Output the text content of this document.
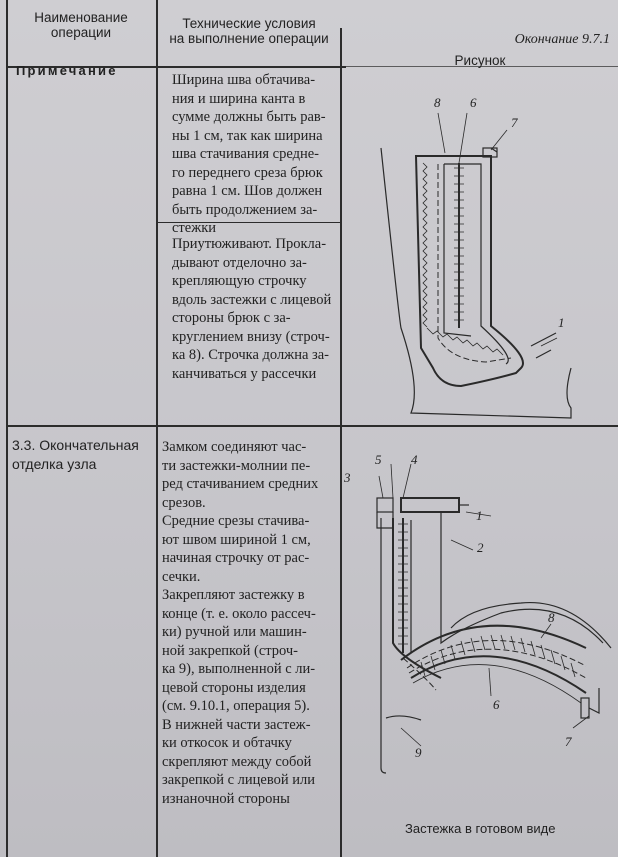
Наименование
операции
Технические условия
на выполнение операции	Окончание 9.7.1
Рисунок
Примечание
Ширина шва обтачива-
ния и ширина канта в
сумме должны быть рав-
ны 1 см, так как ширина
шва стачивания средне-
го переднего среза брюк
равна 1 см. Шов должен
быть продолжением за-
стежки
Приутюживают. Прокла-
дывают отделочно за-
крепляющую строчку
вдоль застежки с лицевой
стороны брюк с за-
круглением внизу (строч-
ка 8). Строчка должна за-
канчиваться у рассечки
8 6
7
1
3.3. Окончательная
отделка узла
Замком соединяют час-
ти застежки-молнии пе-
ред стачиванием средних
срезов.
Средние срезы стачива-
ют швом шириной 1 см,
начиная строчку от рас-
сечки.
Закрепляют застежку в
конце (т. е. около рассеч-
ки) ручной или машин-
ной закрепкой (строч-
ка 9), выполненной с ли-
цевой стороны изделия
(см. 9.10.1, операция 5).
В нижней части застеж-
ки откосок и обтачку
скрепляют между собой
закрепкой с лицевой или
изнаночной стороны
5 4
3
1
2
8
6
7
9
Застежка в готовом виде
